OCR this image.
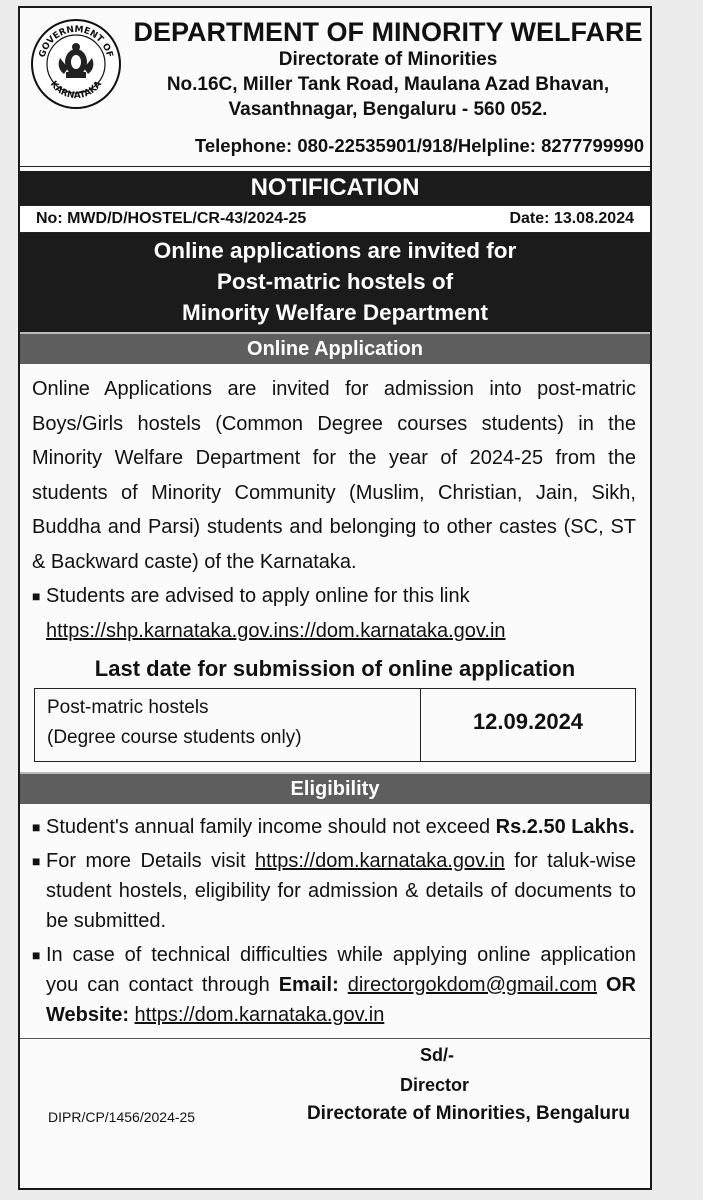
GOVERNMENT OF
KARNATAKA
DEPARTMENT OF MINORITY WELFARE
Directorate of Minorities
No.16C, Miller Tank Road, Maulana Azad Bhavan,
Vasanthnagar, Bengaluru - 560 052.
Telephone: 080-22535901/918/Helpline: 8277799990
NOTIFICATION
No: MWD/D/HOSTEL/CR-43/2024-25	Date: 13.08.2024
Online applications are invited for
Post-matric hostels of
Minority Welfare Department
Online Application
Online Applications are invited for admission into post-matric Boys/Girls hostels (Common Degree courses students) in the Minority Welfare Department for the year of 2024-25 from the students of Minority Community (Muslim, Christian, Jain, Sikh, Buddha and Parsi) students and belonging to other castes (SC, ST & Backward caste) of the Karnataka.
■ Students are advised to apply online for this link
https://shp.karnataka.gov.ins://dom.karnataka.gov.in
Last date for submission of online application
Post-matric hostels
(Degree course students only)
12.09.2024
Eligibility
■ Student's annual family income should not exceed Rs.2.50 Lakhs.
■ For more Details visit https://dom.karnataka.gov.in for taluk-wise student hostels, eligibility for admission & details of documents to be submitted.
■ In case of technical difficulties while applying online application you can contact through Email: directorgokdom@gmail.com OR Website: https://dom.karnataka.gov.in
Sd/-
Director
Directorate of Minorities, Bengaluru
DIPR/CP/1456/2024-25
